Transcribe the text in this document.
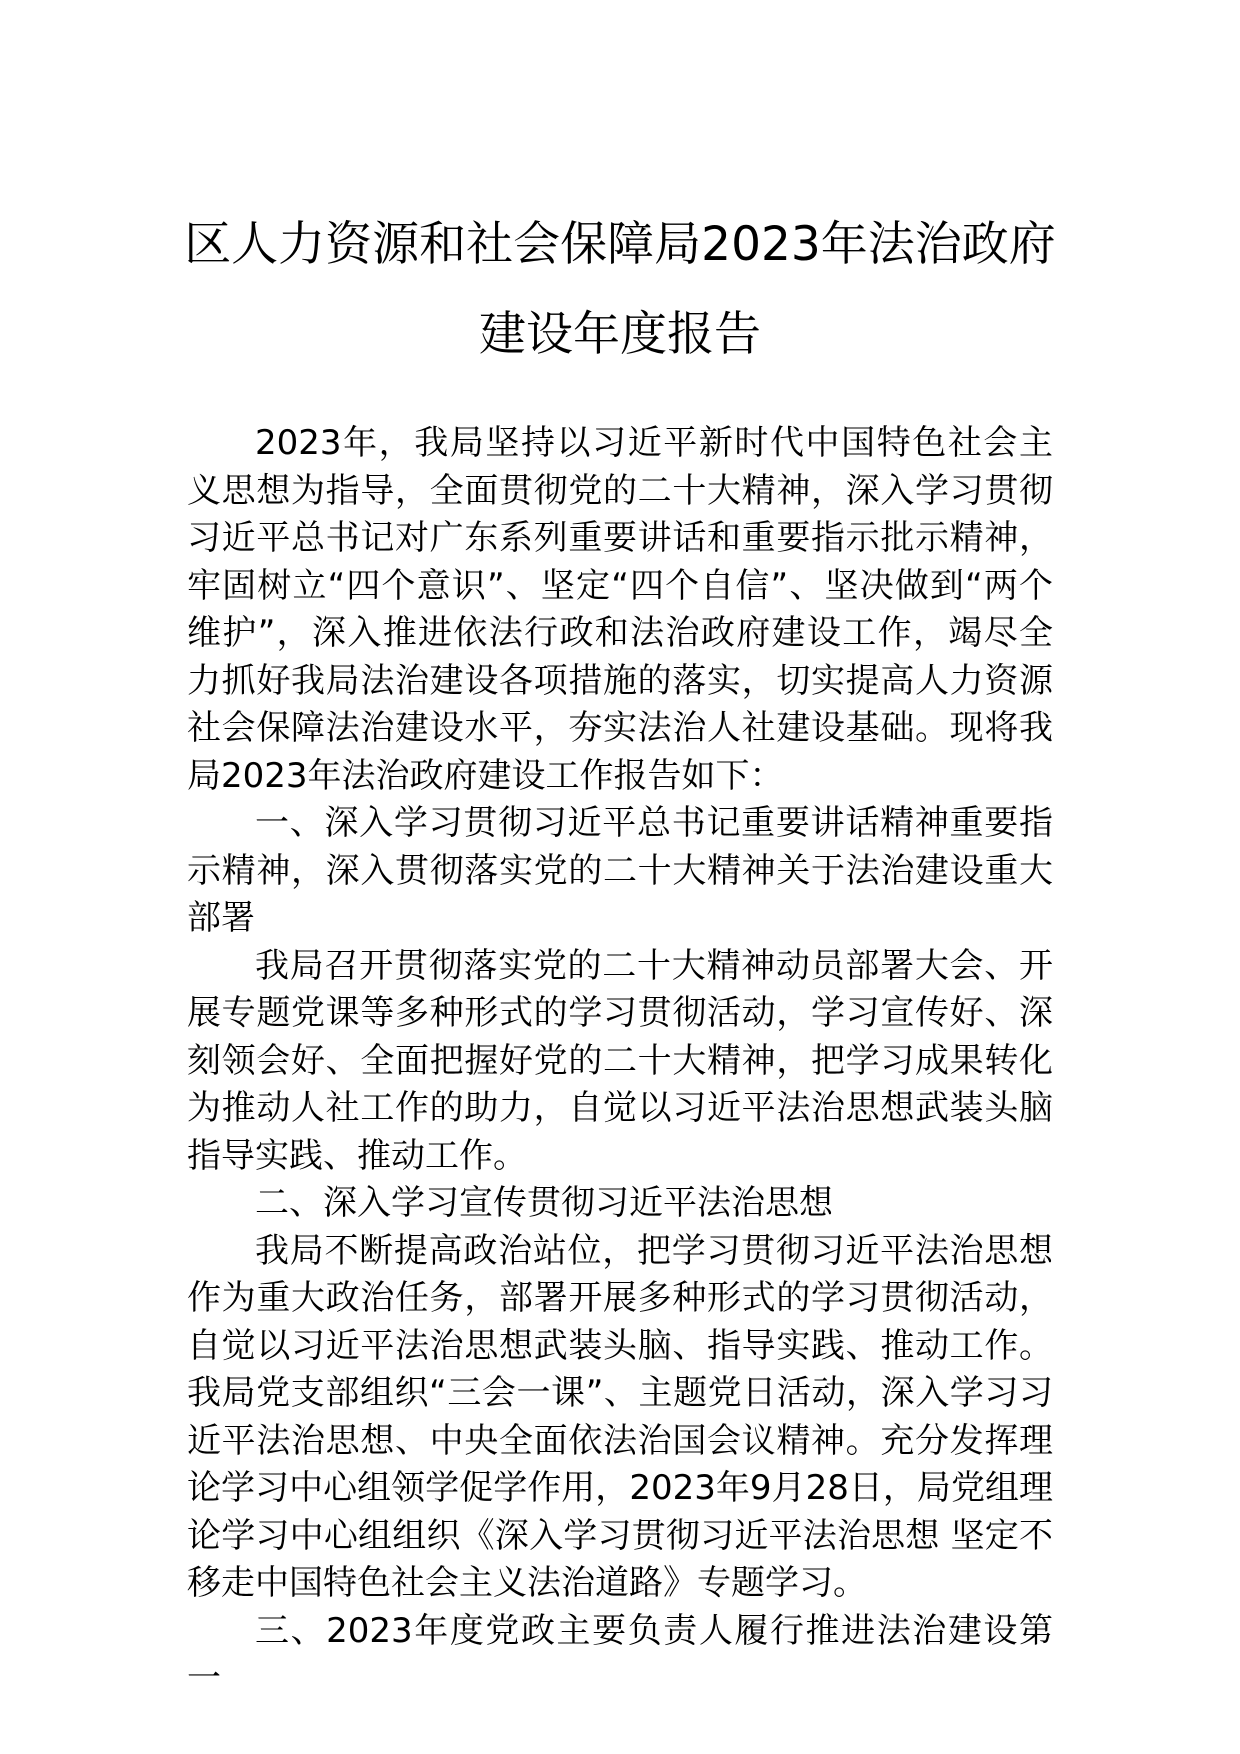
区人力资源和社会保障局2023年法治政府
建设年度报告

2023年，我局坚持以习近平新时代中国特色社会主义思想为指导，全面贯彻党的二十大精神，深入学习贯彻习近平总书记对广东系列重要讲话和重要指示批示精神，牢固树立“四个意识”、坚定“四个自信”、坚决做到“两个维护”，深入推进依法行政和法治政府建设工作，竭尽全力抓好我局法治建设各项措施的落实，切实提高人力资源社会保障法治建设水平，夯实法治人社建设基础。现将我局2023年法治政府建设工作报告如下：

一、深入学习贯彻习近平总书记重要讲话精神重要指示精神，深入贯彻落实党的二十大精神关于法治建设重大部署

我局召开贯彻落实党的二十大精神动员部署大会、开展专题党课等多种形式的学习贯彻活动，学习宣传好、深刻领会好、全面把握好党的二十大精神，把学习成果转化为推动人社工作的助力，自觉以习近平法治思想武装头脑指导实践、推动工作。

二、深入学习宣传贯彻习近平法治思想

我局不断提高政治站位，把学习贯彻习近平法治思想作为重大政治任务，部署开展多种形式的学习贯彻活动，自觉以习近平法治思想武装头脑、指导实践、推动工作。我局党支部组织“三会一课”、主题党日活动，深入学习习近平法治思想、中央全面依法治国会议精神。充分发挥理论学习中心组领学促学作用，2023年9月28日，局党组理论学习中心组组织《深入学习贯彻习近平法治思想 坚定不移走中国特色社会主义法治道路》专题学习。

三、2023年度党政主要负责人履行推进法治建设第一
